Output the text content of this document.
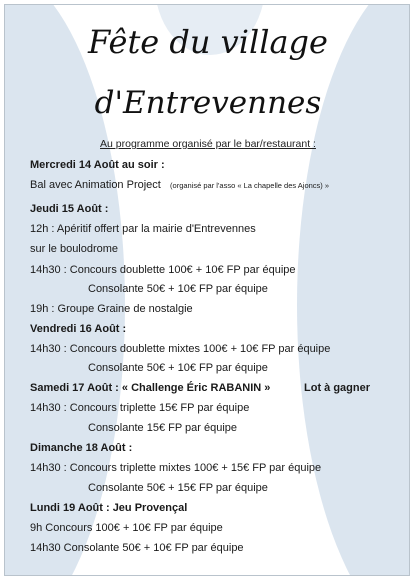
Fête du village
d'Entrevennes
Au programme organisé par le bar/restaurant :
Mercredi 14 Août au soir :
Bal avec Animation Project (organisé par l'asso « La chapelle des Ajoncs) »
Jeudi 15 Août :
12h : Apéritif offert par la mairie d'Entrevennes
sur le boulodrome
14h30 : Concours doublette 100€ + 10€ FP par équipe
Consolante 50€ + 10€ FP par équipe
19h : Groupe Graine de nostalgie
Vendredi 16 Août :
14h30 : Concours doublette mixtes 100€ + 10€ FP par équipe
Consolante 50€ + 10€ FP par équipe
Samedi 17 Août : « Challenge Éric RABANIN »	Lot à gagner
14h30 : Concours triplette 15€ FP par équipe
Consolante 15€ FP par équipe
Dimanche 18 Août :
14h30 : Concours triplette mixtes 100€ + 15€ FP par équipe
Consolante 50€ + 15€ FP par équipe
Lundi 19 Août : Jeu Provençal
9h Concours 100€ + 10€ FP par équipe
14h30 Consolante 50€ + 10€ FP par équipe
